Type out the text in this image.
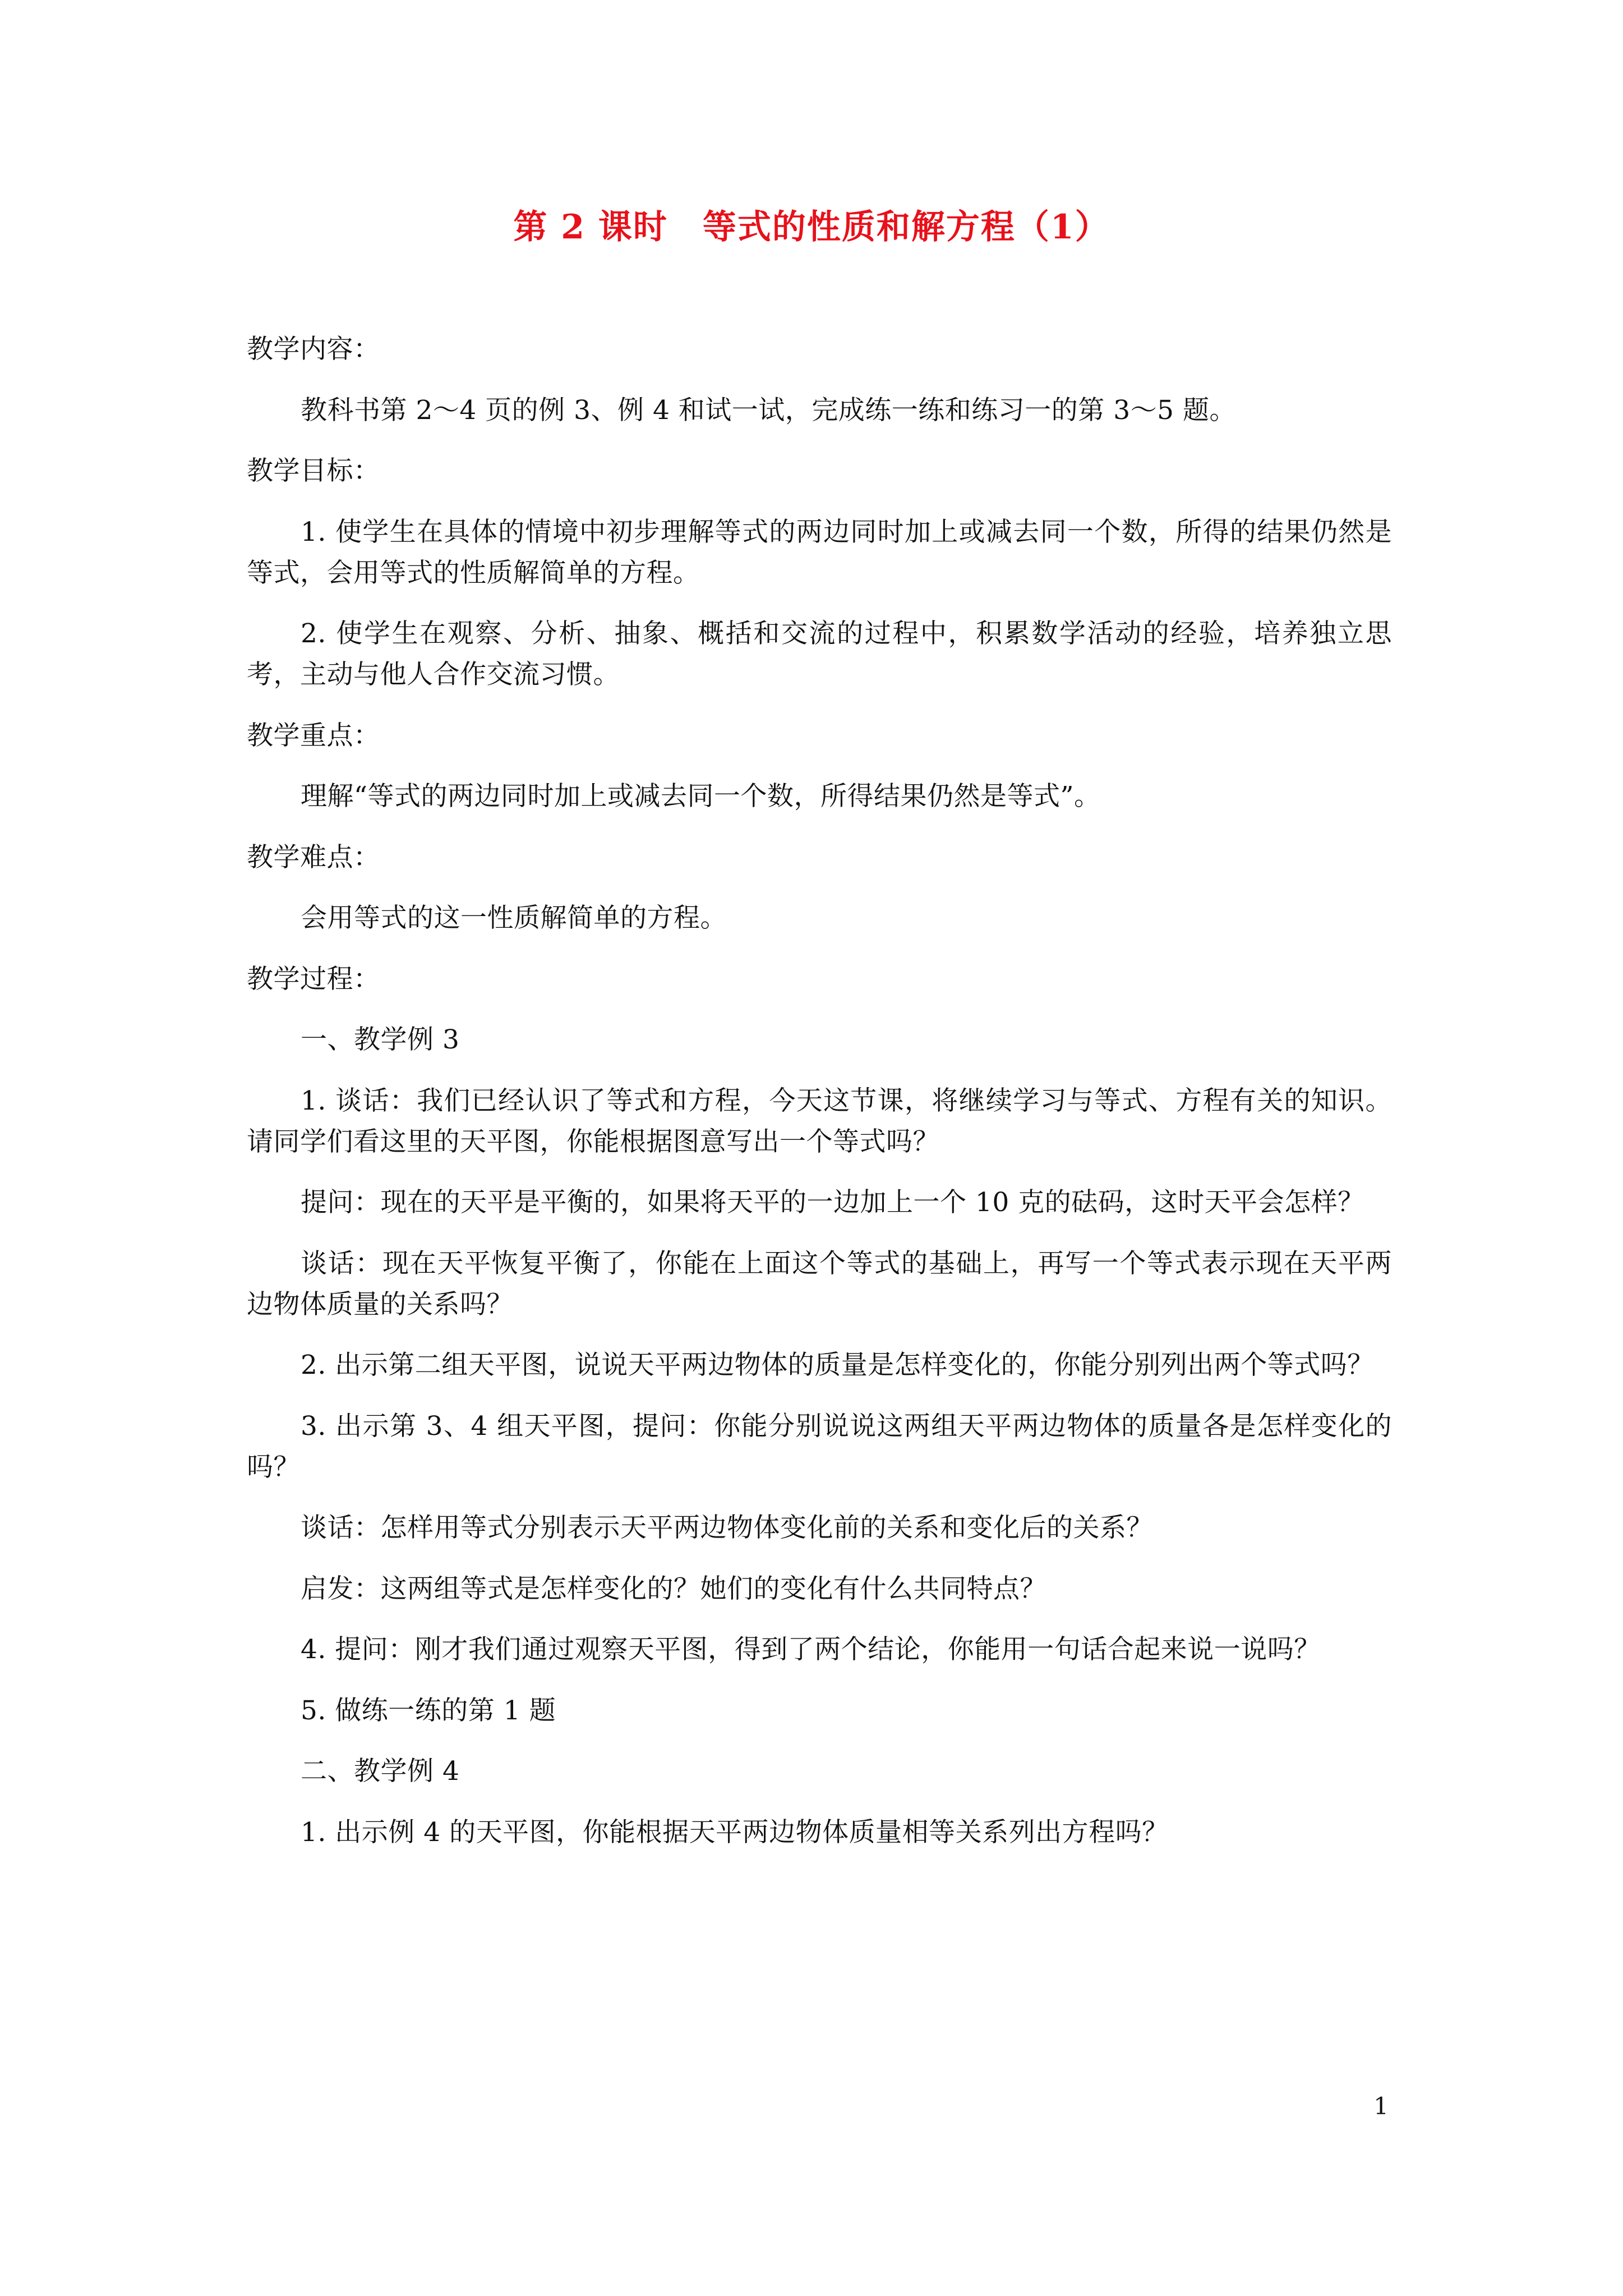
第 2 课时　等式的性质和解方程（1）

教学内容：

教科书第 2～4 页的例 3、例 4 和试一试，完成练一练和练习一的第 3～5 题。

教学目标：

1. 使学生在具体的情境中初步理解等式的两边同时加上或减去同一个数，所得的结果仍然是等式，会用等式的性质解简单的方程。

2. 使学生在观察、分析、抽象、概括和交流的过程中，积累数学活动的经验，培养独立思考，主动与他人合作交流习惯。

教学重点：

理解“等式的两边同时加上或减去同一个数，所得结果仍然是等式”。

教学难点：

会用等式的这一性质解简单的方程。

教学过程：

一、教学例 3

1. 谈话：我们已经认识了等式和方程，今天这节课，将继续学习与等式、方程有关的知识。请同学们看这里的天平图，你能根据图意写出一个等式吗？

提问：现在的天平是平衡的，如果将天平的一边加上一个 10 克的砝码，这时天平会怎样？

谈话：现在天平恢复平衡了，你能在上面这个等式的基础上，再写一个等式表示现在天平两边物体质量的关系吗？

2. 出示第二组天平图，说说天平两边物体的质量是怎样变化的，你能分别列出两个等式吗？

3. 出示第 3、4 组天平图，提问：你能分别说说这两组天平两边物体的质量各是怎样变化的吗？

谈话：怎样用等式分别表示天平两边物体变化前的关系和变化后的关系？

启发：这两组等式是怎样变化的？她们的变化有什么共同特点？

4. 提问：刚才我们通过观察天平图，得到了两个结论，你能用一句话合起来说一说吗？

5. 做练一练的第 1 题

二、教学例 4

1. 出示例 4 的天平图，你能根据天平两边物体质量相等关系列出方程吗？

1
